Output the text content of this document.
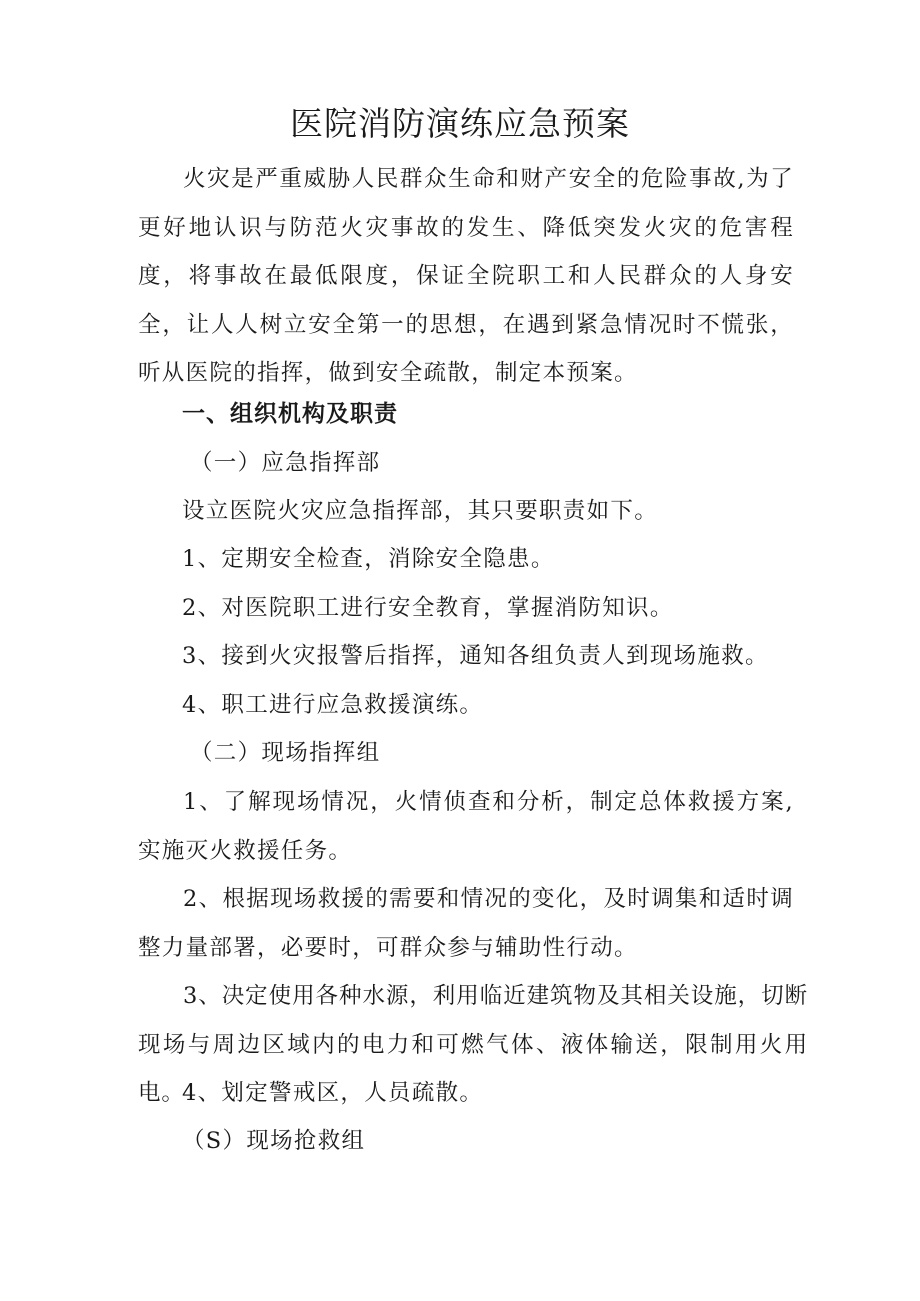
医院消防演练应急预案

火灾是严重威胁人民群众生命和财产安全的危险事故,为了更好地认识与防范火灾事故的发生、降低突发火灾的危害程度，将事故在最低限度，保证全院职工和人民群众的人身安全，让人人树立安全第一的思想，在遇到紧急情况时不慌张，听从医院的指挥，做到安全疏散，制定本预案。

一、组织机构及职责

（一）应急指挥部

设立医院火灾应急指挥部，其只要职责如下。

1、定期安全检查，消除安全隐患。

2、对医院职工进行安全教育，掌握消防知识。

3、接到火灾报警后指挥，通知各组负责人到现场施救。

4、职工进行应急救援演练。

（二）现场指挥组

1、了解现场情况，火情侦查和分析，制定总体救援方案,实施灭火救援任务。

2、根据现场救援的需要和情况的变化，及时调集和适时调整力量部署，必要时，可群众参与辅助性行动。

3、决定使用各种水源，利用临近建筑物及其相关设施，切断现场与周边区域内的电力和可燃气体、液体输送，限制用火用电。

4、划定警戒区，人员疏散。

（S）现场抢救组
